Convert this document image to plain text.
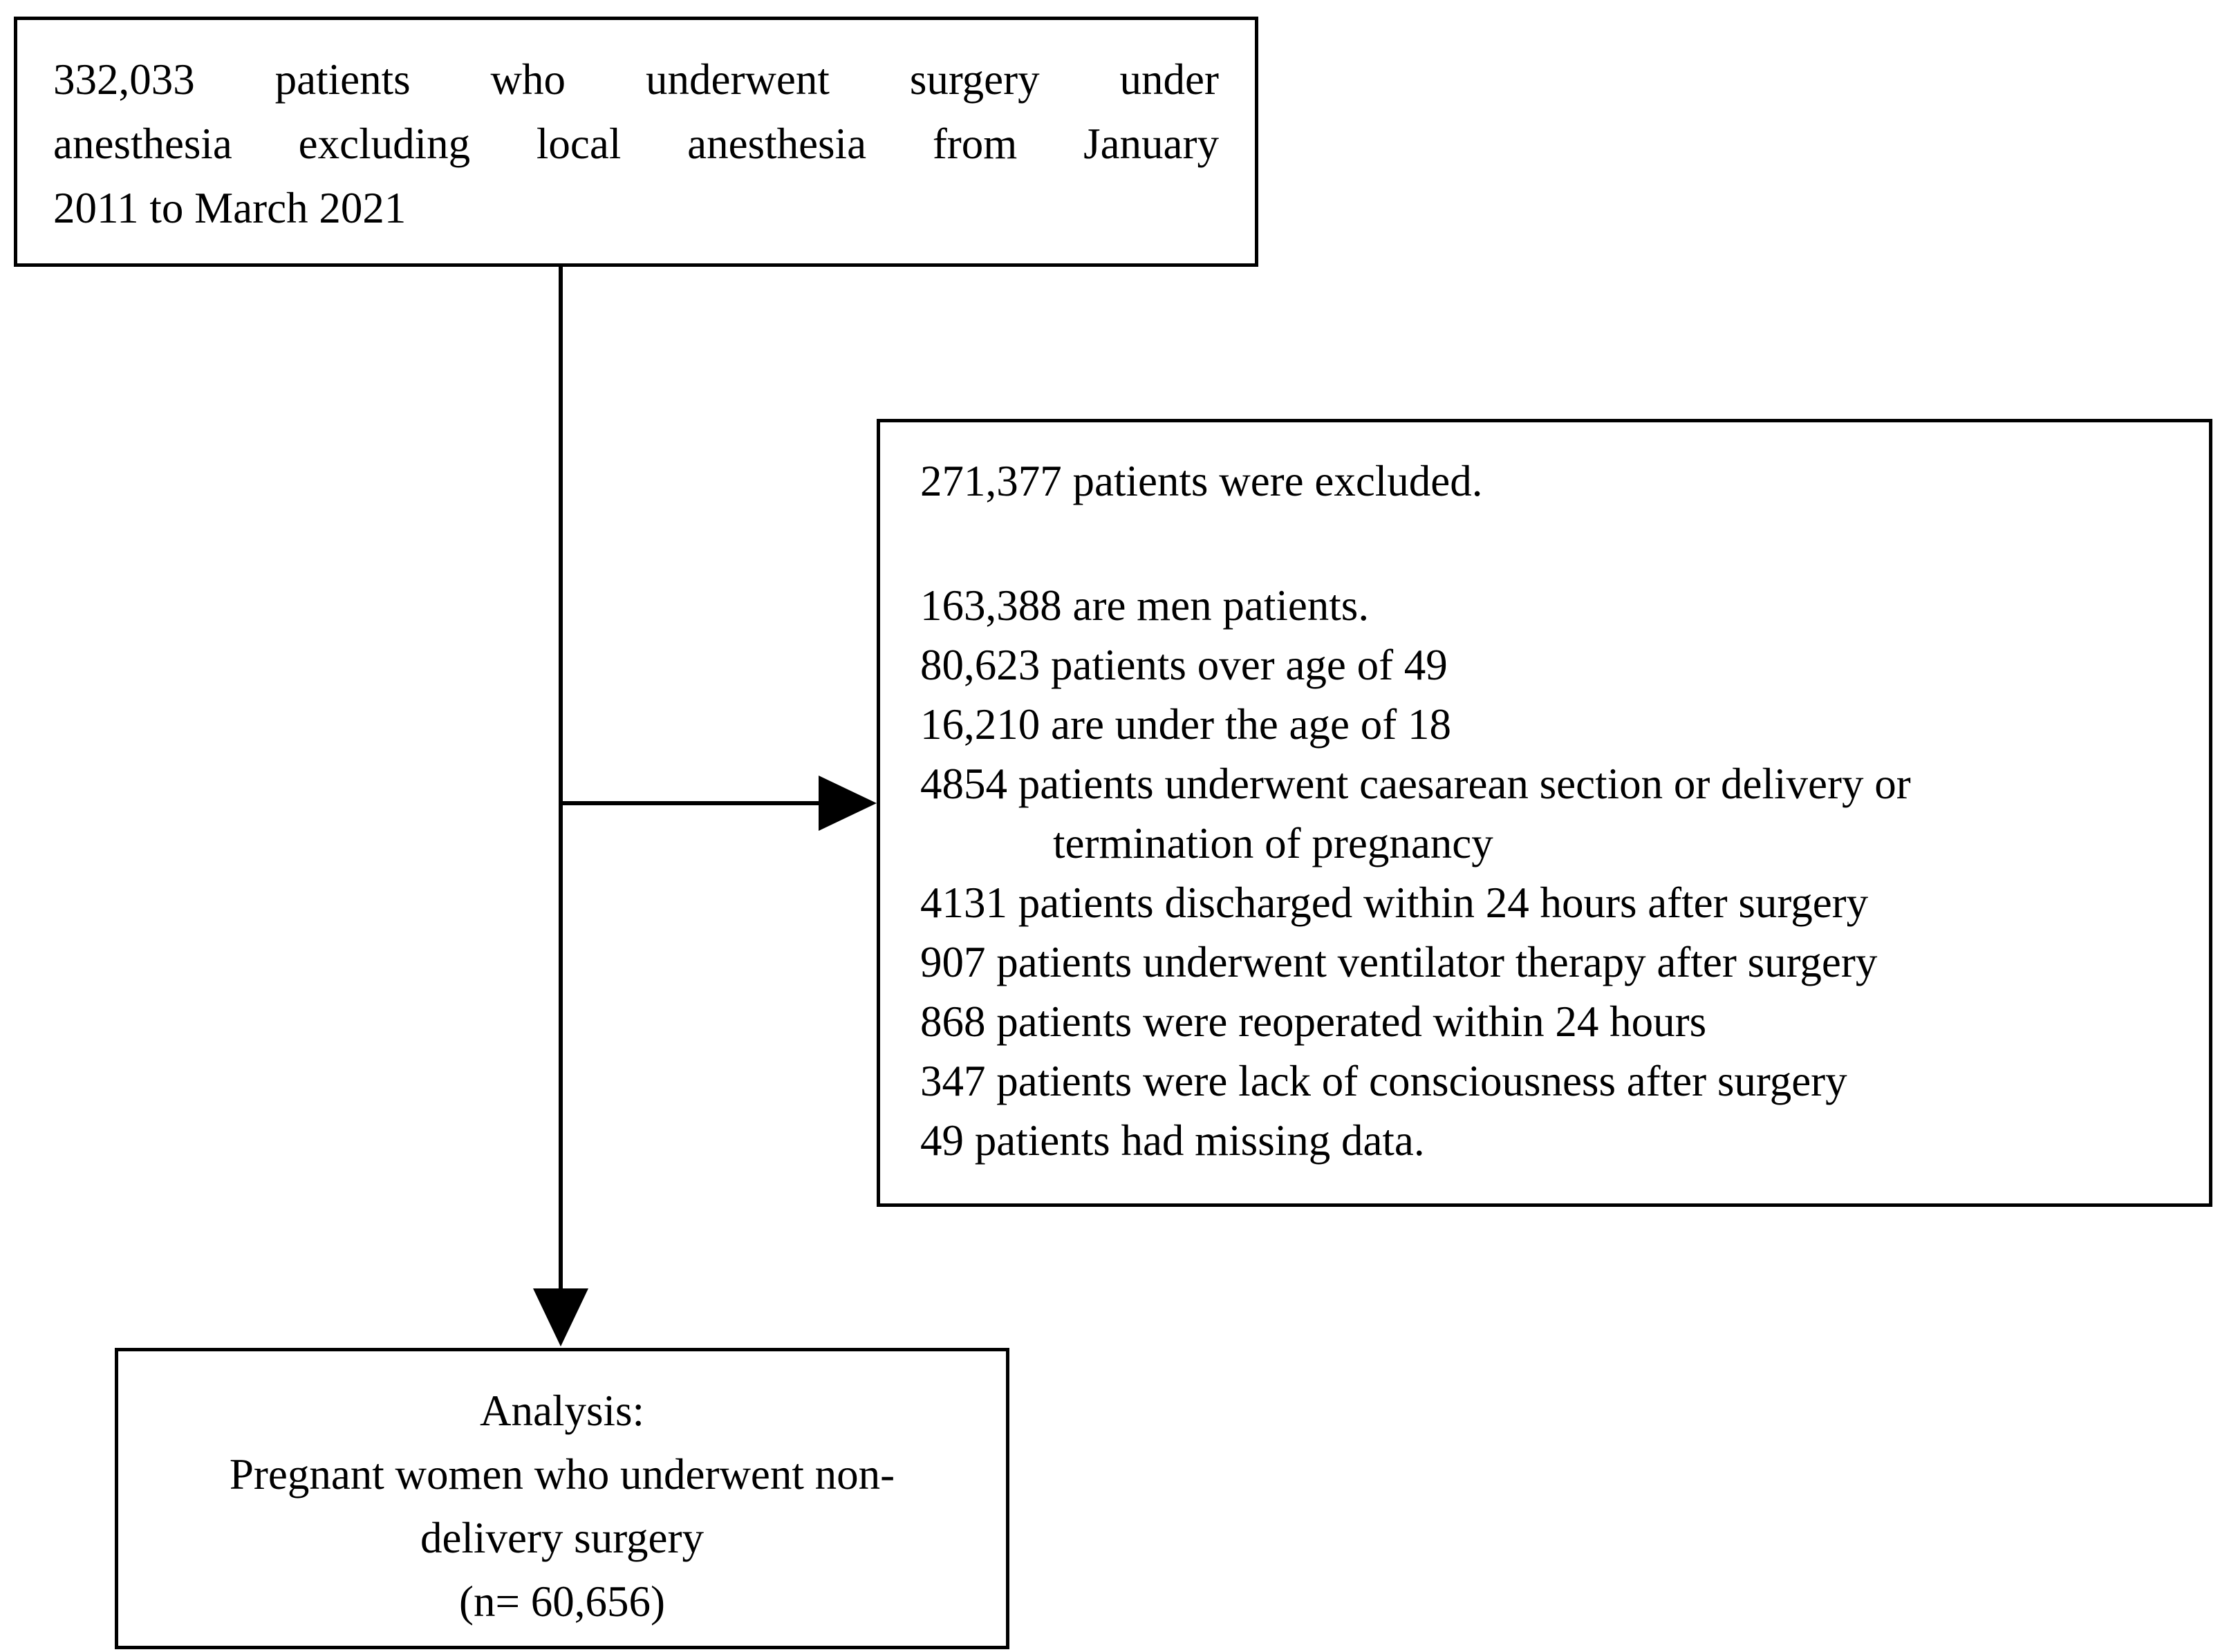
332,033 patients who underwent surgery under
anesthesia excluding local anesthesia from January
2011 to March 2021
271,377 patients were excluded.
163,388 are men patients.
80,623 patients over age of 49
16,210 are under the age of 18
4854 patients underwent caesarean section or delivery or
termination of pregnancy
4131 patients discharged within 24 hours after surgery
907 patients underwent ventilator therapy after surgery
868 patients were reoperated within 24 hours
347 patients were lack of consciousness after surgery
49 patients had missing data.
Analysis:
Pregnant women who underwent non-
delivery surgery
(n= 60,656)
